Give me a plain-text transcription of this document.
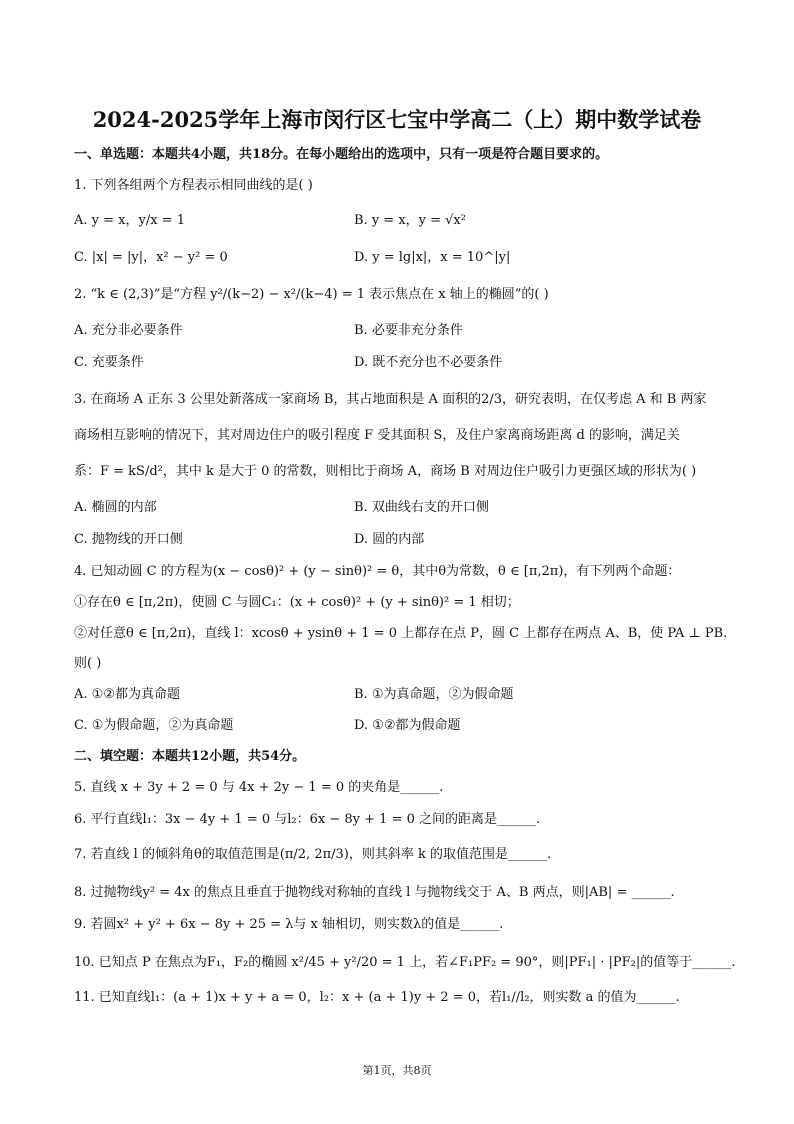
2024-2025学年上海市闵行区七宝中学高二（上）期中数学试卷
一、单选题：本题共4小题，共18分。在每小题给出的选项中，只有一项是符合题目要求的。
1. 下列各组两个方程表示相同曲线的是( )
A. y = x，y/x = 1	B. y = x，y = √x²
C. |x| = |y|，x² − y² = 0	D. y = lg|x|，x = 10^|y|
2. “k ∈ (2,3)”是“方程 y²/(k−2) − x²/(k−4) = 1 表示焦点在 x 轴上的椭圆”的( )
A. 充分非必要条件	B. 必要非充分条件
C. 充要条件	D. 既不充分也不必要条件
3. 在商场 A 正东 3 公里处新落成一家商场 B，其占地面积是 A 面积的2/3，研究表明，在仅考虑 A 和 B 两家
商场相互影响的情况下，其对周边住户的吸引程度 F 受其面积 S，及住户家离商场距离 d 的影响，满足关
系：F = kS/d²，其中 k 是大于 0 的常数，则相比于商场 A，商场 B 对周边住户吸引力更强区域的形状为( )
A. 椭圆的内部	B. 双曲线右支的开口侧
C. 抛物线的开口侧	D. 圆的内部
4. 已知动圆 C 的方程为(x − cosθ)² + (y − sinθ)² = θ，其中θ为常数，θ ∈ [π,2π)，有下列两个命题：
①存在θ ∈ [π,2π)，使圆 C 与圆C₁：(x + cosθ)² + (y + sinθ)² = 1 相切；
②对任意θ ∈ [π,2π)，直线 l：xcosθ + ysinθ + 1 = 0 上都存在点 P，圆 C 上都存在两点 A、B，使 PA ⊥ PB.
则( )
A. ①②都为真命题	B. ①为真命题，②为假命题
C. ①为假命题，②为真命题	D. ①②都为假命题
二、填空题：本题共12小题，共54分。
5. 直线 x + 3y + 2 = 0 与 4x + 2y − 1 = 0 的夹角是______.
6. 平行直线l₁：3x − 4y + 1 = 0 与l₂：6x − 8y + 1 = 0 之间的距离是______.
7. 若直线 l 的倾斜角θ的取值范围是(π/2, 2π/3)，则其斜率 k 的取值范围是______.
8. 过抛物线y² = 4x 的焦点且垂直于抛物线对称轴的直线 l 与抛物线交于 A、B 两点，则|AB| = ______.
9. 若圆x² + y² + 6x − 8y + 25 = λ与 x 轴相切，则实数λ的值是______.
10. 已知点 P 在焦点为F₁，F₂的椭圆 x²/45 + y²/20 = 1 上，若∠F₁PF₂ = 90°，则|PF₁| · |PF₂|的值等于______.
11. 已知直线l₁：(a + 1)x + y + a = 0，l₂：x + (a + 1)y + 2 = 0，若l₁//l₂，则实数 a 的值为______.
第1页，共8页
